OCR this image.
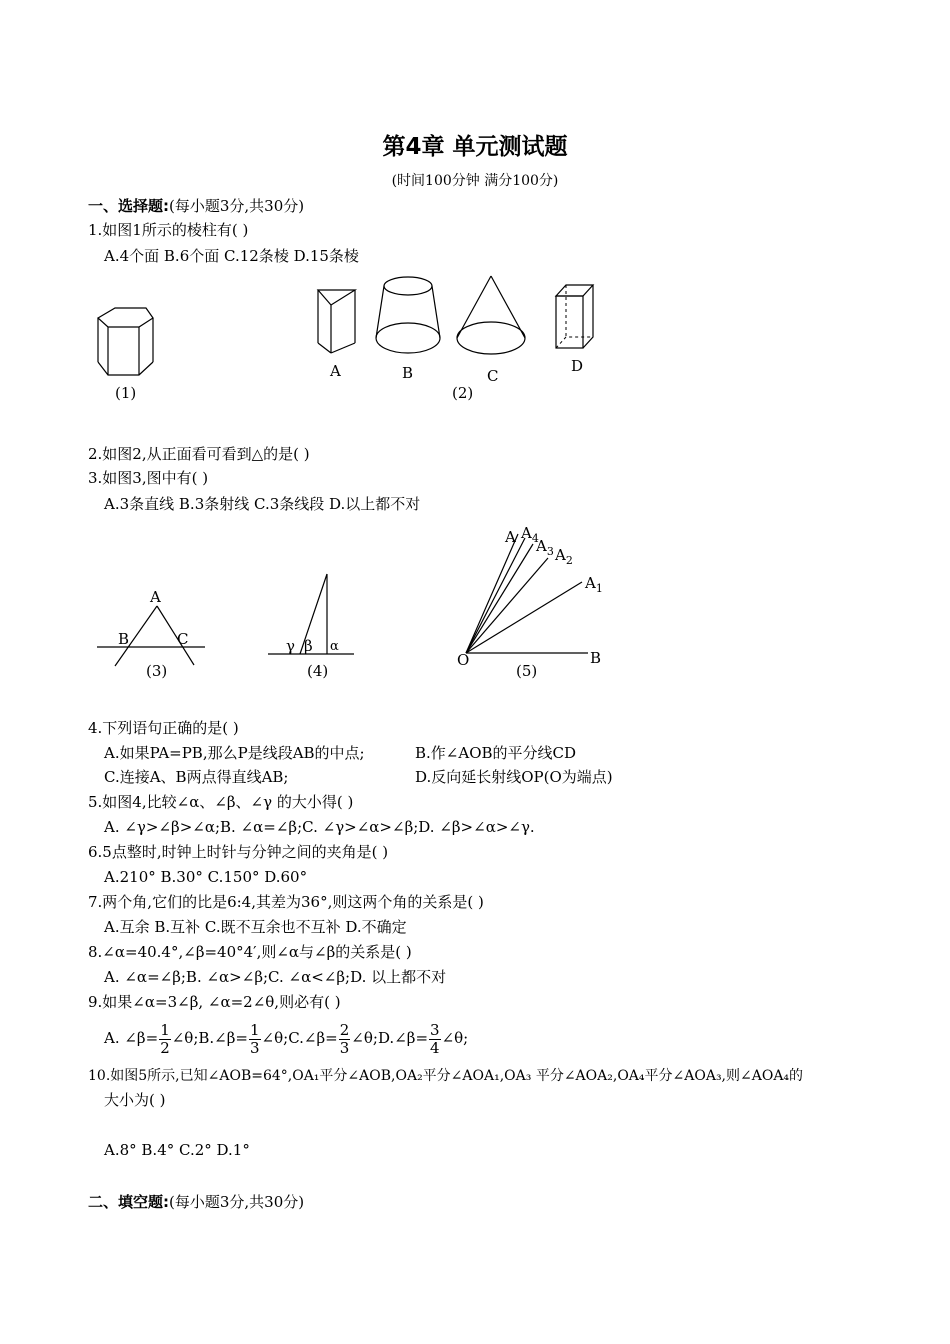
第4章 单元测试题
(时间100分钟 满分100分)
一、选择题:(每小题3分,共30分)
1.如图1所示的棱柱有( )
A.4个面 B.6个面 C.12条棱 D.15条棱
(1)
A	B	C
D
(2)
2.如图2,从正面看可看到△的是( )
3.如图3,图中有( )
A.3条直线 B.3条射线 C.3条线段 D.以上都不对
A
B	C
(3)
γ β α
(4)
A $A_4$
$A_3$ $A_2$
$A_1$
O	B
(5)
4.下列语句正确的是( )
A.如果PA=PB,那么P是线段AB的中点;	B.作∠AOB的平分线CD
C.连接A、B两点得直线AB;	D.反向延长射线OP(O为端点)
5.如图4,比较∠α、∠β、∠γ 的大小得( )
A. ∠γ>∠β>∠α;B. ∠α=∠β;C. ∠γ>∠α>∠β;D. ∠β>∠α>∠γ.
6.5点整时,时钟上时针与分钟之间的夹角是( )
A.210° B.30° C.150° D.60°
7.两个角,它们的比是6:4,其差为36°,则这两个角的关系是( )
A.互余 B.互补 C.既不互余也不互补 D.不确定
8.∠α=40.4°,∠β=40°4′,则∠α与∠β的关系是( )
A. ∠α=∠β;B. ∠α>∠β;C. ∠α<∠β;D. 以上都不对
9.如果∠α=3∠β, ∠α=2∠θ,则必有( )
A. ∠β= $\frac{1}{2}$ ∠θ;B.∠β= $\frac{1}{3}$ ∠θ;C.∠β= $\frac{2}{3}$ ∠θ;D.∠β= $\frac{3}{4}$ ∠θ;
10.如图5所示,已知∠AOB=64°,OA₁平分∠AOB,OA₂平分∠AOA₁,OA₃ 平分∠AOA₂,OA₄平分∠AOA₃,则∠AOA₄的
大小为( )
A.8° B.4° C.2° D.1°
二、填空题:(每小题3分,共30分)
